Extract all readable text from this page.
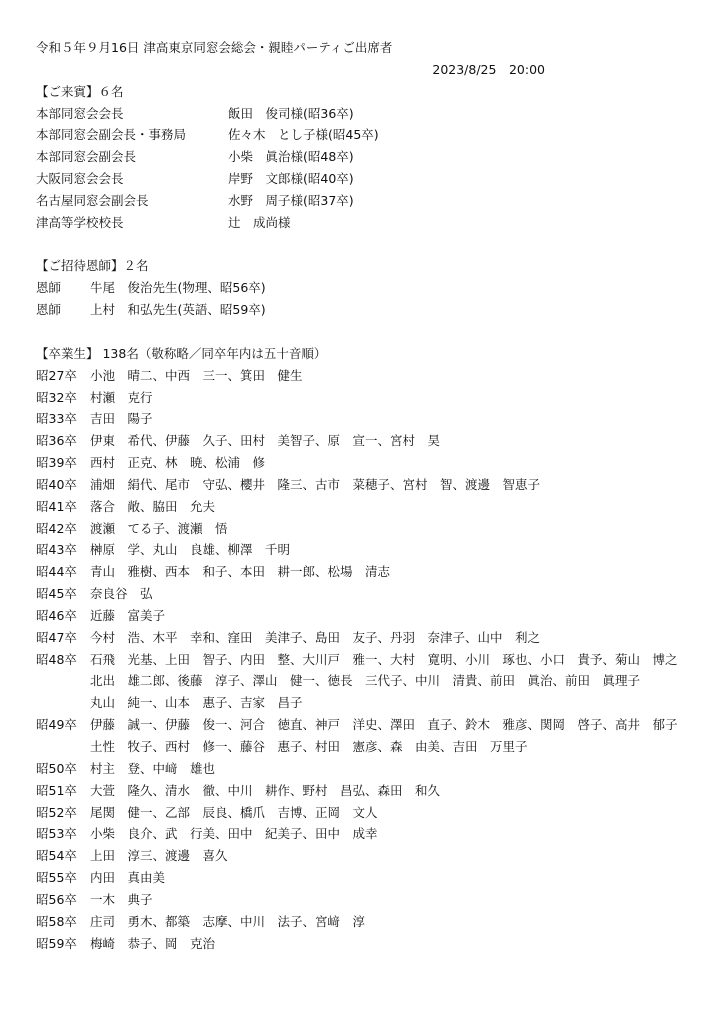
令和５年９月16日 津高東京同窓会総会・親睦パーティご出席者
2023/8/25　20:00
【ご来賓】６名
本部同窓会会長	飯田　俊司様(昭36卒)
本部同窓会副会長・事務局	佐々木　とし子様(昭45卒)
本部同窓会副会長	小柴　眞治様(昭48卒)
大阪同窓会会長	岸野　文郎様(昭40卒)
名古屋同窓会副会長	水野　周子様(昭37卒)
津高等学校校長	辻　成尚様
【ご招待恩師】２名
恩師 牛尾　俊治先生(物理、昭56卒)
恩師 上村　和弘先生(英語、昭59卒)
【卒業生】 138名（敬称略／同卒年内は五十音順）
昭27卒 小池　晴二、中西　三一、箕田　健生
昭32卒 村瀬　克行
昭33卒 吉田　陽子
昭36卒 伊東　希代、伊藤　久子、田村　美智子、原　宣一、宮村　昊
昭39卒 西村　正克、林　暁、松浦　修
昭40卒 浦畑　絹代、尾市　守弘、櫻井　隆三、古市　菜穂子、宮村　智、渡邊　智恵子
昭41卒 落合　敞、脇田　允夫
昭42卒 渡瀬　てる子、渡瀬　悟
昭43卒 榊原　学、丸山　良雄、柳澤　千明
昭44卒 青山　雅樹、西本　和子、本田　耕一郎、松場　清志
昭45卒 奈良谷　弘
昭46卒 近藤　富美子
昭47卒 今村　浩、木平　幸和、窪田　美津子、島田　友子、丹羽　奈津子、山中　利之
昭48卒 石飛　光基、上田　智子、内田　整、大川戸　雅一、大村　寛明、小川　琢也、小口　貴予、菊山　博之
北出　雄二郎、後藤　淳子、澤山　健一、徳長　三代子、中川　清貴、前田　眞治、前田　眞理子
丸山　純一、山本　惠子、吉家　昌子
昭49卒 伊藤　誠一、伊藤　俊一、河合　徳直、神戸　洋史、澤田　直子、鈴木　雅彦、関岡　啓子、高井　郁子
土性　牧子、西村　修一、藤谷　惠子、村田　憲彦、森　由美、吉田　万里子
昭50卒 村主　登、中﨑　雄也
昭51卒 大萱　隆久、清水　徹、中川　耕作、野村　昌弘、森田　和久
昭52卒 尾関　健一、乙部　辰良、橋爪　吉博、正岡　文人
昭53卒 小柴　良介、武　行美、田中　紀美子、田中　成幸
昭54卒 上田　淳三、渡邊　喜久
昭55卒 内田　真由美
昭56卒 一木　典子
昭58卒 庄司　勇木、都築　志摩、中川　法子、宮﨑　淳
昭59卒 梅崎　恭子、岡　克治
